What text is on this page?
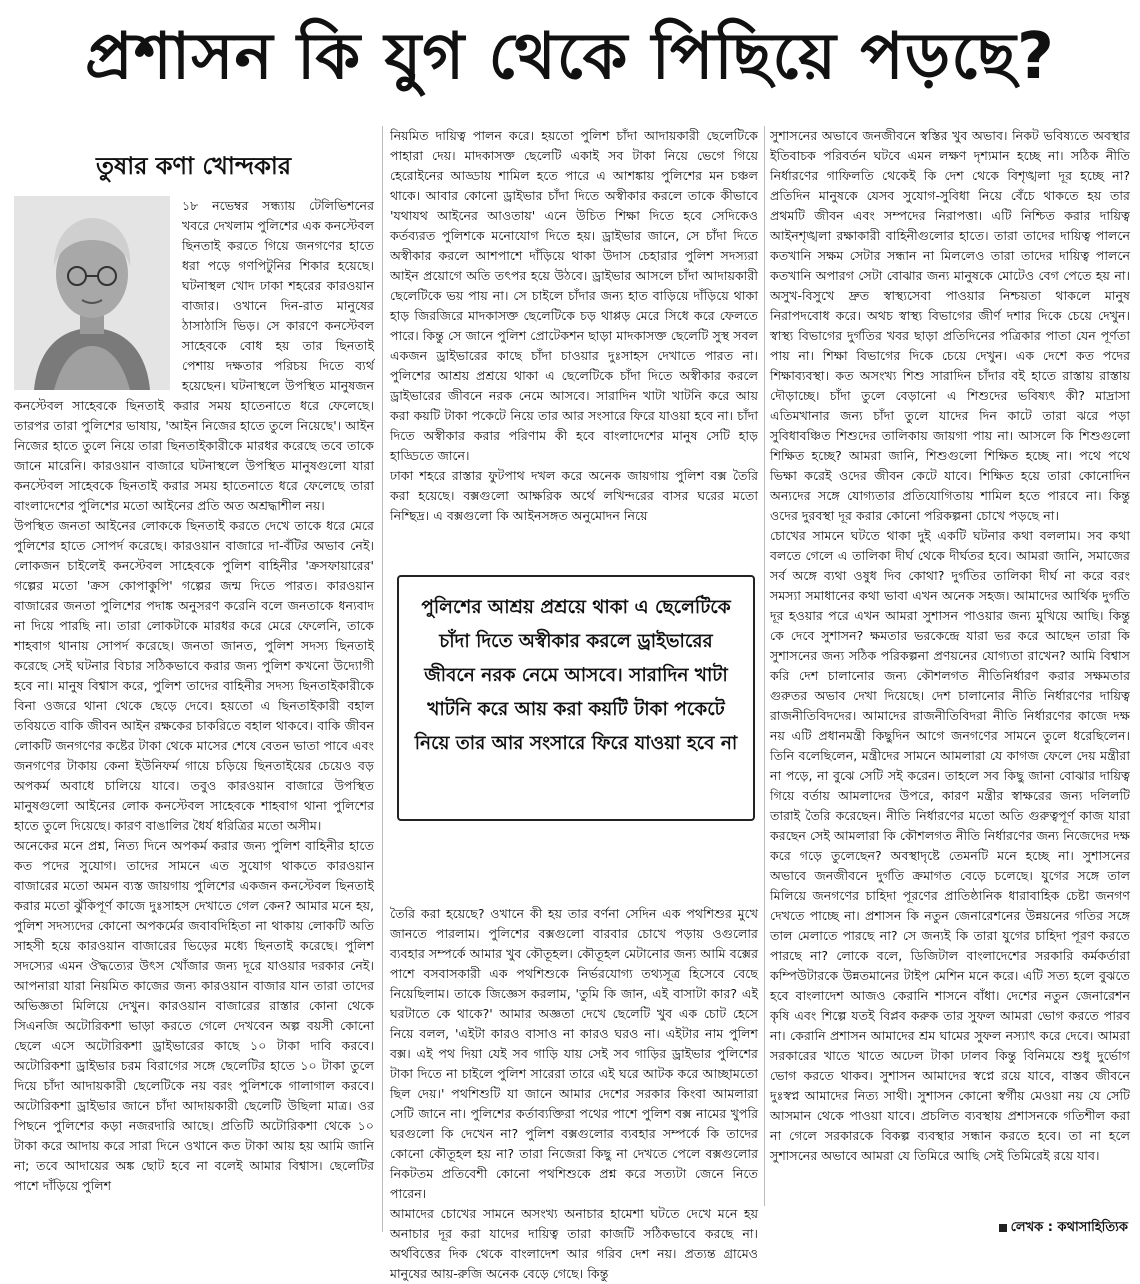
প্রশাসন কি যুগ থেকে পিছিয়ে পড়ছে?
তুষার কণা খোন্দকার

১৮ নভেম্বর সন্ধ্যায় টেলিভিশনের খবরে দেখলাম পুলিশের এক কনস্টেবল ছিনতাই করতে গিয়ে জনগণের হাতে ধরা পড়ে গণপিটুনির শিকার হয়েছে। ঘটনাস্থল খোদ ঢাকা শহরের কারওয়ান বাজার। ওখানে দিন-রাত মানুষের ঠাসাঠাসি ভিড়। সে কারণে কনস্টেবল সাহেবকে বোধ হয় তার ছিনতাই পেশায় দক্ষতার পরিচয় দিতে ব্যর্থ হয়েছেন। ঘটনাস্থলে উপস্থিত মানুষজন কনস্টেবল সাহেবকে ছিনতাই করার সময় হাতেনাতে ধরে ফেলেছে। তারপর তারা পুলিশের ভাষায়, 'আইন নিজের হাতে তুলে নিয়েছে'। আইন নিজের হাতে তুলে নিয়ে তারা ছিনতাইকারীকে মারধর করেছে তবে তাকে জানে মারেনি। কারওয়ান বাজারে ঘটনাস্থলে উপস্থিত মানুষগুলো যারা কনস্টেবল সাহেবকে ছিনতাই করার সময় হাতেনাতে ধরে ফেলেছে তারা বাংলাদেশের পুলিশের মতো আইনের প্রতি অত অশ্রদ্ধাশীল নয়।

উপস্থিত জনতা আইনের লোককে ছিনতাই করতে দেখে তাকে ধরে মেরে পুলিশের হাতে সোপর্দ করেছে। কারওয়ান বাজারে দা-বঁটির অভাব নেই। লোকজন চাইলেই কনস্টেবল সাহেবকে পুলিশ বাহিনীর 'ক্রসফায়ারের' গল্পের মতো 'ক্রস কোপাকুপি' গল্পের জন্ম দিতে পারত। কারওয়ান বাজারের জনতা পুলিশের পদাঙ্ক অনুসরণ করেনি বলে জনতাকে ধন্যবাদ না দিয়ে পারছি না। তারা লোকটাকে মারধর করে মেরে ফেলেনি, তাকে শাহবাগ থানায় সোপর্দ করেছে। জনতা জানত, পুলিশ সদস্য ছিনতাই করেছে সেই ঘটনার বিচার সঠিকভাবে করার জন্য পুলিশ কখনো উদ্যোগী হবে না। মানুষ বিশ্বাস করে, পুলিশ তাদের বাহিনীর সদস্য ছিনতাইকারীকে বিনা ওজরে থানা থেকে ছেড়ে দেবে। হয়তো এ ছিনতাইকারী বহাল তবিয়তে বাকি জীবন আইন রক্ষকের চাকরিতে বহাল থাকবে। বাকি জীবন লোকটি জনগণের কষ্টের টাকা থেকে মাসের শেষে বেতন ভাতা পাবে এবং জনগণের টাকায় কেনা ইউনিফর্ম গায়ে চড়িয়ে ছিনতাইয়ের চেয়েও বড় অপকর্ম অবাধে চালিয়ে যাবে। তবুও কারওয়ান বাজারে উপস্থিত মানুষগুলো আইনের লোক কনস্টেবল সাহেবকে শাহবাগ থানা পুলিশের হাতে তুলে দিয়েছে। কারণ বাঙালির ধৈর্য ধরিত্রির মতো অসীম।

অনেকের মনে প্রশ্ন, নিত্য দিনে অপকর্ম করার জন্য পুলিশ বাহিনীর হাতে কত পদের সুযোগ। তাদের সামনে এত সুযোগ থাকতে কারওয়ান বাজারের মতো অমন ব্যস্ত জায়গায় পুলিশের একজন কনস্টেবল ছিনতাই করার মতো ঝুঁকিপূর্ণ কাজে দুঃসাহস দেখাতে গেল কেন? আমার মনে হয়, পুলিশ সদস্যদের কোনো অপকর্মের জবাবদিহিতা না থাকায় লোকটি অতি সাহসী হয়ে কারওয়ান বাজারের ভিড়ের মধ্যে ছিনতাই করেছে। পুলিশ সদস্যের এমন ঔদ্ধত্যের উৎস খোঁজার জন্য দূরে যাওয়ার দরকার নেই। আপনারা যারা নিয়মিত কাজের জন্য কারওয়ান বাজার যান তারা তাদের অভিজ্ঞতা মিলিয়ে দেখুন। কারওয়ান বাজারের রাস্তার কোনা থেকে সিএনজি অটোরিকশা ভাড়া করতে গেলে দেখবেন অল্প বয়সী কোনো ছেলে এসে অটোরিকশা ড্রাইভারের কাছে ১০ টাকা দাবি করবে। অটোরিকশা ড্রাইভার চরম বিরাগের সঙ্গে ছেলেটির হাতে ১০ টাকা তুলে দিয়ে চাঁদা আদায়কারী ছেলেটিকে নয় বরং পুলিশকে গালাগাল করবে। অটোরিকশা ড্রাইভার জানে চাঁদা আদায়কারী ছেলেটি উছিলা মাত্র। ওর পিছনে পুলিশের কড়া নজরদারি আছে। প্রতিটি অটোরিকশা থেকে ১০ টাকা করে আদায় করে সারা দিনে ওখানে কত টাকা আয় হয় আমি জানি না; তবে আদায়ের অঙ্ক ছোট হবে না বলেই আমার বিশ্বাস। ছেলেটির পাশে দাঁড়িয়ে পুলিশ

নিয়মিত দায়িত্ব পালন করে। হয়তো পুলিশ চাঁদা আদায়কারী ছেলেটিকে পাহারা দেয়। মাদকাসক্ত ছেলেটি একাই সব টাকা নিয়ে ভেগে গিয়ে হেরোইনের আড্ডায় শামিল হতে পারে এ আশঙ্কায় পুলিশের মন চঞ্চল থাকে। আবার কোনো ড্রাইভার চাঁদা দিতে অস্বীকার করলে তাকে কীভাবে 'যথাযথ আইনের আওতায়' এনে উচিত শিক্ষা দিতে হবে সেদিকেও কর্তব্যরত পুলিশকে মনোযোগ দিতে হয়। ড্রাইভার জানে, সে চাঁদা দিতে অস্বীকার করলে আশপাশে দাঁড়িয়ে থাকা উদাস চেহারার পুলিশ সদস্যরা আইন প্রয়োগে অতি তৎপর হয়ে উঠবে। ড্রাইভার আসলে চাঁদা আদায়কারী ছেলেটিকে ভয় পায় না। সে চাইলে চাঁদার জন্য হাত বাড়িয়ে দাঁড়িয়ে থাকা হাড় জিরজিরে মাদকাসক্ত ছেলেটিকে চড় থাপ্পড় মেরে সিধে করে ফেলতে পারে। কিন্তু সে জানে পুলিশ প্রোটেকশন ছাড়া মাদকাসক্ত ছেলেটি সুস্থ সবল একজন ড্রাইভারের কাছে চাঁদা চাওয়ার দুঃসাহস দেখাতে পারত না। পুলিশের আশ্রয় প্রশ্রয়ে থাকা এ ছেলেটিকে চাঁদা দিতে অস্বীকার করলে ড্রাইভারের জীবনে নরক নেমে আসবে। সারাদিন খাটা খাটনি করে আয় করা কয়টি টাকা পকেটে নিয়ে তার আর সংসারে ফিরে যাওয়া হবে না। চাঁদা দিতে অস্বীকার করার পরিণাম কী হবে বাংলাদেশের মানুষ সেটি হাড় হাড্ডিতে জানে।

ঢাকা শহরে রাস্তার ফুটপাথ দখল করে অনেক জায়গায় পুলিশ বক্স তৈরি করা হয়েছে। বক্সগুলো আক্ষরিক অর্থে লখিন্দরের বাসর ঘরের মতো নিশ্ছিদ্র। এ বক্সগুলো কি আইনসঙ্গত অনুমোদন নিয়ে

তৈরি করা হয়েছে? ওখানে কী হয় তার বর্ণনা সেদিন এক পথশিশুর মুখে জানতে পারলাম। পুলিশের বক্সগুলো বারবার চোখে পড়ায় ওগুলোর ব্যবহার সম্পর্কে আমার খুব কৌতূহল। কৌতূহল মেটানোর জন্য আমি বক্সের পাশে বসবাসকারী এক পথশিশুকে নির্ভরযোগ্য তথ্যসূত্র হিসেবে বেছে নিয়েছিলাম। তাকে জিজ্ঞেস করলাম, 'তুমি কি জান, এই বাসাটা কার? এই ঘরটাতে কে থাকে?' আমার অজ্ঞতা দেখে ছেলেটি খুব এক চোট হেসে নিয়ে বলল, 'এইটা কারও বাসাও না কারও ঘরও না। এইটার নাম পুলিশ বক্স। এই পথ দিয়া যেই সব গাড়ি যায় সেই সব গাড়ির ড্রাইভার পুলিশের টাকা দিতে না চাইলে পুলিশ সারেরা তারে এই ঘরে আটক করে আচ্ছামতো ছিল দেয়।' পথশিশুটি যা জানে আমার দেশের সরকার কিংবা আমলারা সেটি জানে না। পুলিশের কর্তাব্যক্তিরা পথের পাশে পুলিশ বক্স নামের খুপরি ঘরগুলো কি দেখেন না? পুলিশ বক্সগুলোর ব্যবহার সম্পর্কে কি তাদের কোনো কৌতূহল হয় না? তারা নিজেরা কিছু না দেখতে পেলে বক্সগুলোর নিকটতম প্রতিবেশী কোনো পথশিশুকে প্রশ্ন করে সত্যটা জেনে নিতে পারেন।

আমাদের চোখের সামনে অসংখ্য অনাচার হামেশা ঘটতে দেখে মনে হয় অনাচার দূর করা যাদের দায়িত্ব তারা কাজটি সঠিকভাবে করছে না। অর্থবিত্তের দিক থেকে বাংলাদেশ আর গরিব দেশ নয়। প্রত্যন্ত গ্রামেও মানুষের আয়-রুজি অনেক বেড়ে গেছে। কিন্তু

পুলিশের আশ্রয় প্রশ্রয়ে থাকা এ ছেলেটিকে চাঁদা দিতে অস্বীকার করলে ড্রাইভারের জীবনে নরক নেমে আসবে। সারাদিন খাটা খাটনি করে আয় করা কয়টি টাকা পকেটে নিয়ে তার আর সংসারে ফিরে যাওয়া হবে না

সুশাসনের অভাবে জনজীবনে স্বস্তির খুব অভাব। নিকট ভবিষ্যতে অবস্থার ইতিবাচক পরিবর্তন ঘটবে এমন লক্ষণ দৃশ্যমান হচ্ছে না। সঠিক নীতি নির্ধারণের গাফিলতি থেকেই কি দেশ থেকে বিশৃঙ্খলা দূর হচ্ছে না? প্রতিদিন মানুষকে যেসব সুযোগ-সুবিধা নিয়ে বেঁচে থাকতে হয় তার প্রথমটি জীবন এবং সম্পদের নিরাপত্তা। এটি নিশ্চিত করার দায়িত্ব আইনশৃঙ্খলা রক্ষাকারী বাহিনীগুলোর হাতে। তারা তাদের দায়িত্ব পালনে কতখানি সক্ষম সেটার সন্ধান না মিললেও তারা তাদের দায়িত্ব পালনে কতখানি অপারগ সেটা বোঝার জন্য মানুষকে মোটেও বেগ পেতে হয় না। অসুখ-বিসুখে দ্রুত স্বাস্থ্যসেবা পাওয়ার নিশ্চয়তা থাকলে মানুষ নিরাপদবোধ করে। অথচ স্বাস্থ্য বিভাগের জীর্ণ দশার দিকে চেয়ে দেখুন। স্বাস্থ্য বিভাগের দুর্গতির খবর ছাড়া প্রতিদিনের পত্রিকার পাতা যেন পূর্ণতা পায় না। শিক্ষা বিভাগের দিকে চেয়ে দেখুন। এক দেশে কত পদের শিক্ষাব্যবস্থা। কত অসংখ্য শিশু সারাদিন চাঁদার বই হাতে রাস্তায় রাস্তায় দৌড়াচ্ছে। চাঁদা তুলে বেড়ানো এ শিশুদের ভবিষ্যৎ কী? মাদ্রাসা এতিমখানার জন্য চাঁদা তুলে যাদের দিন কাটে তারা ঝরে পড়া সুবিধাবঞ্চিত শিশুদের তালিকায় জায়গা পায় না। আসলে কি শিশুগুলো শিক্ষিত হচ্ছে? আমরা জানি, শিশুগুলো শিক্ষিত হচ্ছে না। পথে পথে ভিক্ষা করেই ওদের জীবন কেটে যাবে। শিক্ষিত হয়ে তারা কোনোদিন অন্যদের সঙ্গে যোগ্যতার প্রতিযোগিতায় শামিল হতে পারবে না। কিন্তু ওদের দুরবস্থা দূর করার কোনো পরিকল্পনা চোখে পড়ছে না।

চোখের সামনে ঘটতে থাকা দুই একটি ঘটনার কথা বললাম। সব কথা বলতে গেলে এ তালিকা দীর্ঘ থেকে দীর্ঘতর হবে। আমরা জানি, সমাজের সর্ব অঙ্গে ব্যথা ওষুধ দিব কোথা? দুর্গতির তালিকা দীর্ঘ না করে বরং সমস্যা সমাধানের কথা ভাবা এখন অনেক সহজ। আমাদের আর্থিক দুর্গতি দূর হওয়ার পরে এখন আমরা সুশাসন পাওয়ার জন্য মুখিয়ে আছি। কিন্তু কে দেবে সুশাসন? ক্ষমতার ভরকেন্দ্রে যারা ভর করে আছেন তারা কি সুশাসনের জন্য সঠিক পরিকল্পনা প্রণয়নের যোগ্যতা রাখেন? আমি বিশ্বাস করি দেশ চালানোর জন্য কৌশলগত নীতিনির্ধারণ করার সক্ষমতার গুরুতর অভাব দেখা দিয়েছে। দেশ চালানোর নীতি নির্ধারণের দায়িত্ব রাজনীতিবিদদের। আমাদের রাজনীতিবিদরা নীতি নির্ধারণের কাজে দক্ষ নয় এটি প্রধানমন্ত্রী কিছুদিন আগে জনগণের সামনে তুলে ধরেছিলেন। তিনি বলেছিলেন, মন্ত্রীদের সামনে আমলারা যে কাগজ ফেলে দেয় মন্ত্রীরা না পড়ে, না বুঝে সেটি সই করেন। তাহলে সব কিছু জানা বোঝার দায়িত্ব গিয়ে বর্তায় আমলাদের উপরে, কারণ মন্ত্রীর স্বাক্ষরের জন্য দলিলটি তারাই তৈরি করেছেন। নীতি নির্ধারণের মতো অতি গুরুত্বপূর্ণ কাজ যারা করছেন সেই আমলারা কি কৌশলগত নীতি নির্ধারণের জন্য নিজেদের দক্ষ করে গড়ে তুলেছেন? অবস্থাদৃষ্টে তেমনটি মনে হচ্ছে না। সুশাসনের অভাবে জনজীবনে দুর্গতি ক্রমাগত বেড়ে চলেছে। যুগের সঙ্গে তাল মিলিয়ে জনগণের চাহিদা পূরণের প্রাতিষ্ঠানিক ধারাবাহিক চেষ্টা জনগণ দেখতে পাচ্ছে না। প্রশাসন কি নতুন জেনারেশনের উন্নয়নের গতির সঙ্গে তাল মেলাতে পারছে না? সে জন্যই কি তারা যুগের চাহিদা পূরণ করতে পারছে না? লোকে বলে, ডিজিটাল বাংলাদেশের সরকারি কর্মকর্তারা কম্পিউটারকে উন্নতমানের টাইপ মেশিন মনে করে। এটি সত্য হলে বুঝতে হবে বাংলাদেশ আজও কেরানি শাসনে বাঁধা। দেশের নতুন জেনারেশন কৃষি এবং শিল্পে যতই বিপ্লব করুক তার সুফল আমরা ভোগ করতে পারব না। কেরানি প্রশাসন আমাদের শ্রম ঘামের সুফল নস্যাৎ করে দেবে। আমরা সরকারের খাতে খাতে অঢেল টাকা ঢালব কিন্তু বিনিময়ে শুধু দুর্ভোগ ভোগ করতে থাকব। সুশাসন আমাদের স্বপ্নে রয়ে যাবে, বাস্তব জীবনে দুঃস্বপ্ন আমাদের নিত্য সাথী। সুশাসন কোনো স্বর্গীয় মেওয়া নয় যে সেটি আসমান থেকে পাওয়া যাবে। প্রচলিত ব্যবস্থায় প্রশাসনকে গতিশীল করা না গেলে সরকারকে বিকল্প ব্যবস্থার সন্ধান করতে হবে। তা না হলে সুশাসনের অভাবে আমরা যে তিমিরে আছি সেই তিমিরেই রয়ে যাব।

লেখক : কথাসাহিত্যিক
